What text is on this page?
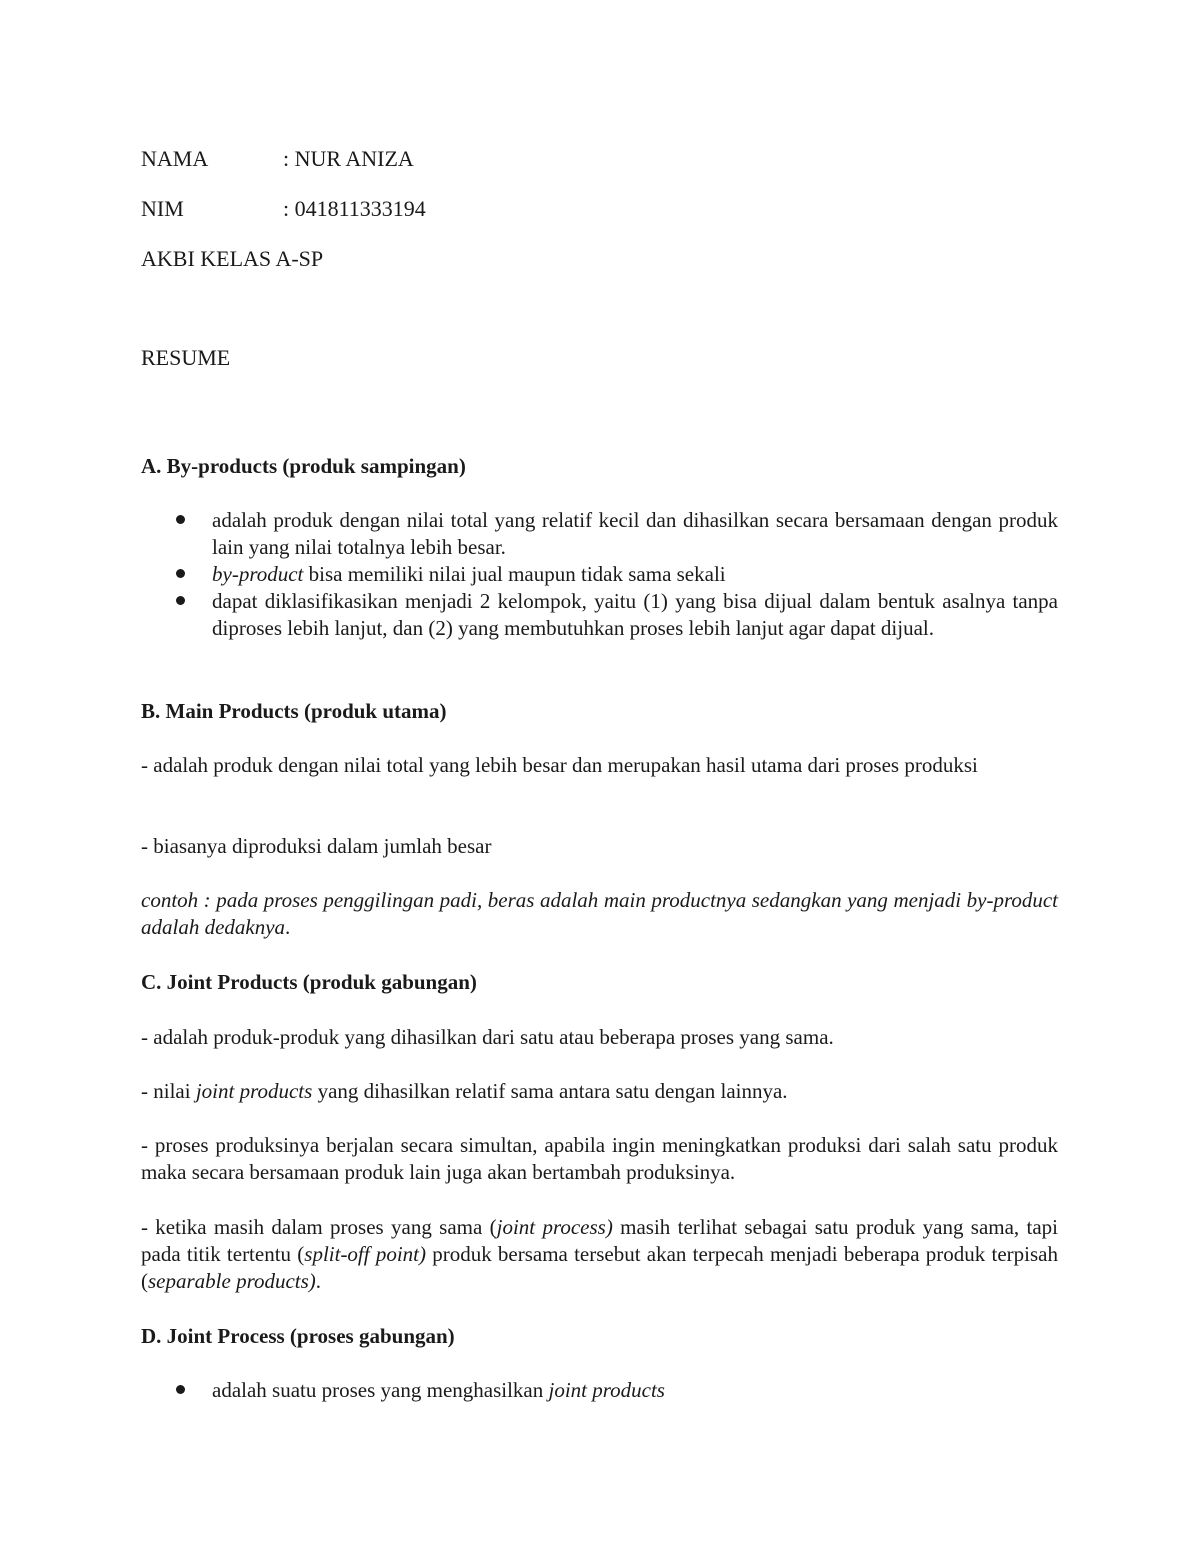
NAMA	: NUR ANIZA
NIM	: 041811333194
AKBI KELAS A-SP
RESUME
A. By-products (produk sampingan)
adalah produk dengan nilai total yang relatif kecil dan dihasilkan secara bersamaan dengan produk lain yang nilai totalnya lebih besar.
by-product bisa memiliki nilai jual maupun tidak sama sekali
dapat diklasifikasikan menjadi 2 kelompok, yaitu (1) yang bisa dijual dalam bentuk asalnya tanpa diproses lebih lanjut, dan (2) yang membutuhkan proses lebih lanjut agar dapat dijual.
B. Main Products (produk utama)
- adalah produk dengan nilai total yang lebih besar dan merupakan hasil utama dari proses produksi
- biasanya diproduksi dalam jumlah besar
contoh : pada proses penggilingan padi, beras adalah main productnya sedangkan yang menjadi by-product adalah dedaknya.
C. Joint Products (produk gabungan)
- adalah produk-produk yang dihasilkan dari satu atau beberapa proses yang sama.
- nilai joint products yang dihasilkan relatif sama antara satu dengan lainnya.
- proses produksinya berjalan secara simultan, apabila ingin meningkatkan produksi dari salah satu produk maka secara bersamaan produk lain juga akan bertambah produksinya.
- ketika masih dalam proses yang sama (joint process) masih terlihat sebagai satu produk yang sama, tapi pada titik tertentu (split-off point) produk bersama tersebut akan terpecah menjadi beberapa produk terpisah (separable products).
D. Joint Process (proses gabungan)
adalah suatu proses yang menghasilkan joint products
